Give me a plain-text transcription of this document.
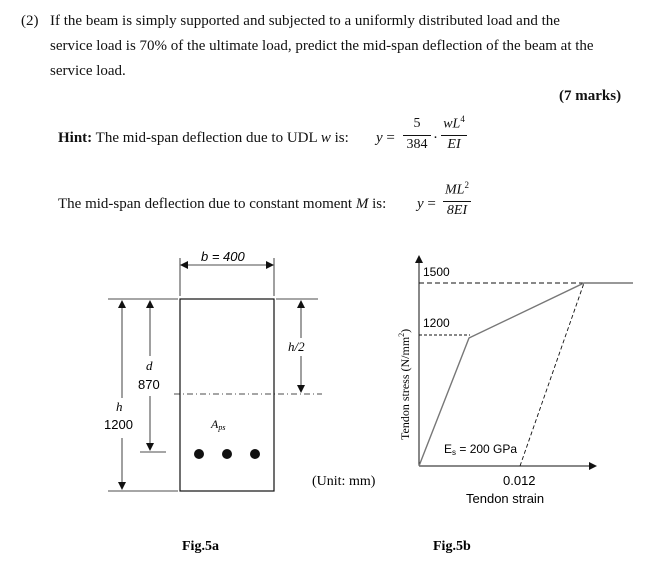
(2) If the beam is simply supported and subjected to a uniformly distributed load and the
service load is 70% of the ultimate load, predict the mid-span deflection of the beam at the
service load.
(7 marks)
Hint: The mid-span deflection due to UDL w is: y =
5
384 ·
$wL^4$
EI
The mid-span deflection due to constant moment M is: y =
$ML^2$
8EI
b = 400
h
1200
d
870
h/2
Aps
(Unit: mm)
Fig.5a
Tendon stress $(N/mm^2)$
1500
1200
Es = 200 GPa
0.012
Tendon strain
Fig.5b
